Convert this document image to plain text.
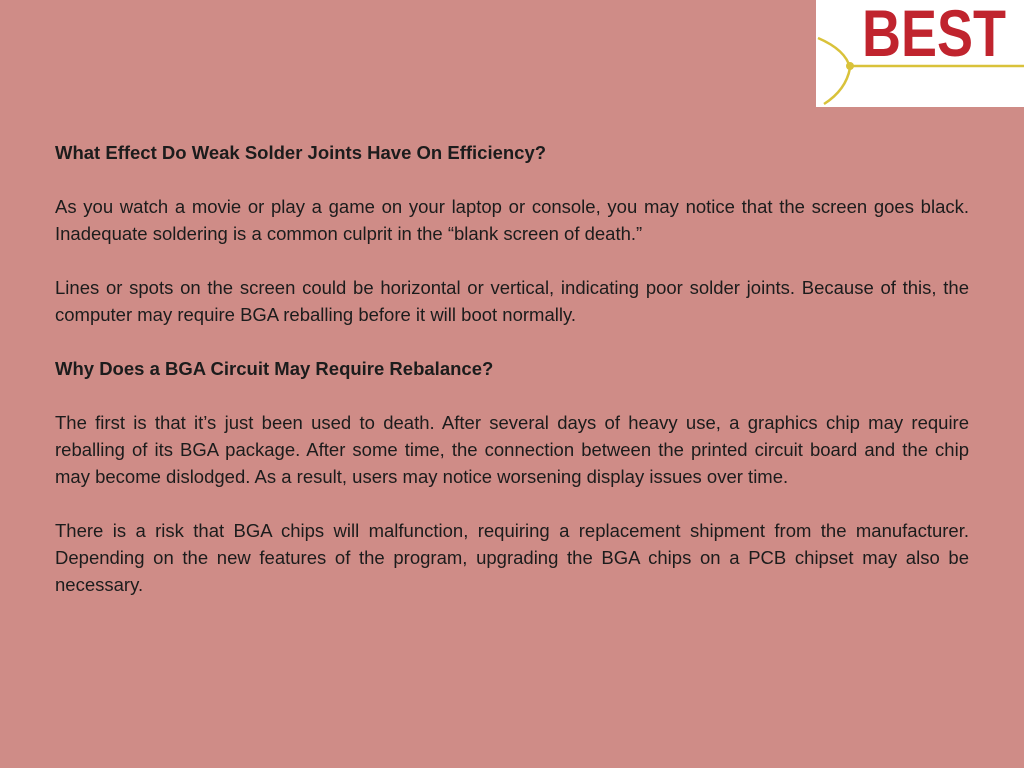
BEST
What Effect Do Weak Solder Joints Have On Efficiency?

As you watch a movie or play a game on your laptop or console, you may notice that the screen goes black. Inadequate soldering is a common culprit in the “blank screen of death.”

Lines or spots on the screen could be horizontal or vertical, indicating poor solder joints. Because of this, the computer may require BGA reballing before it will boot normally.

Why Does a BGA Circuit May Require Rebalance?

The first is that it’s just been used to death. After several days of heavy use, a graphics chip may require reballing of its BGA package. After some time, the connection between the printed circuit board and the chip may become dislodged. As a result, users may notice worsening display issues over time.

There is a risk that BGA chips will malfunction, requiring a replacement shipment from the manufacturer. Depending on the new features of the program, upgrading the BGA chips on a PCB chipset may also be necessary.
